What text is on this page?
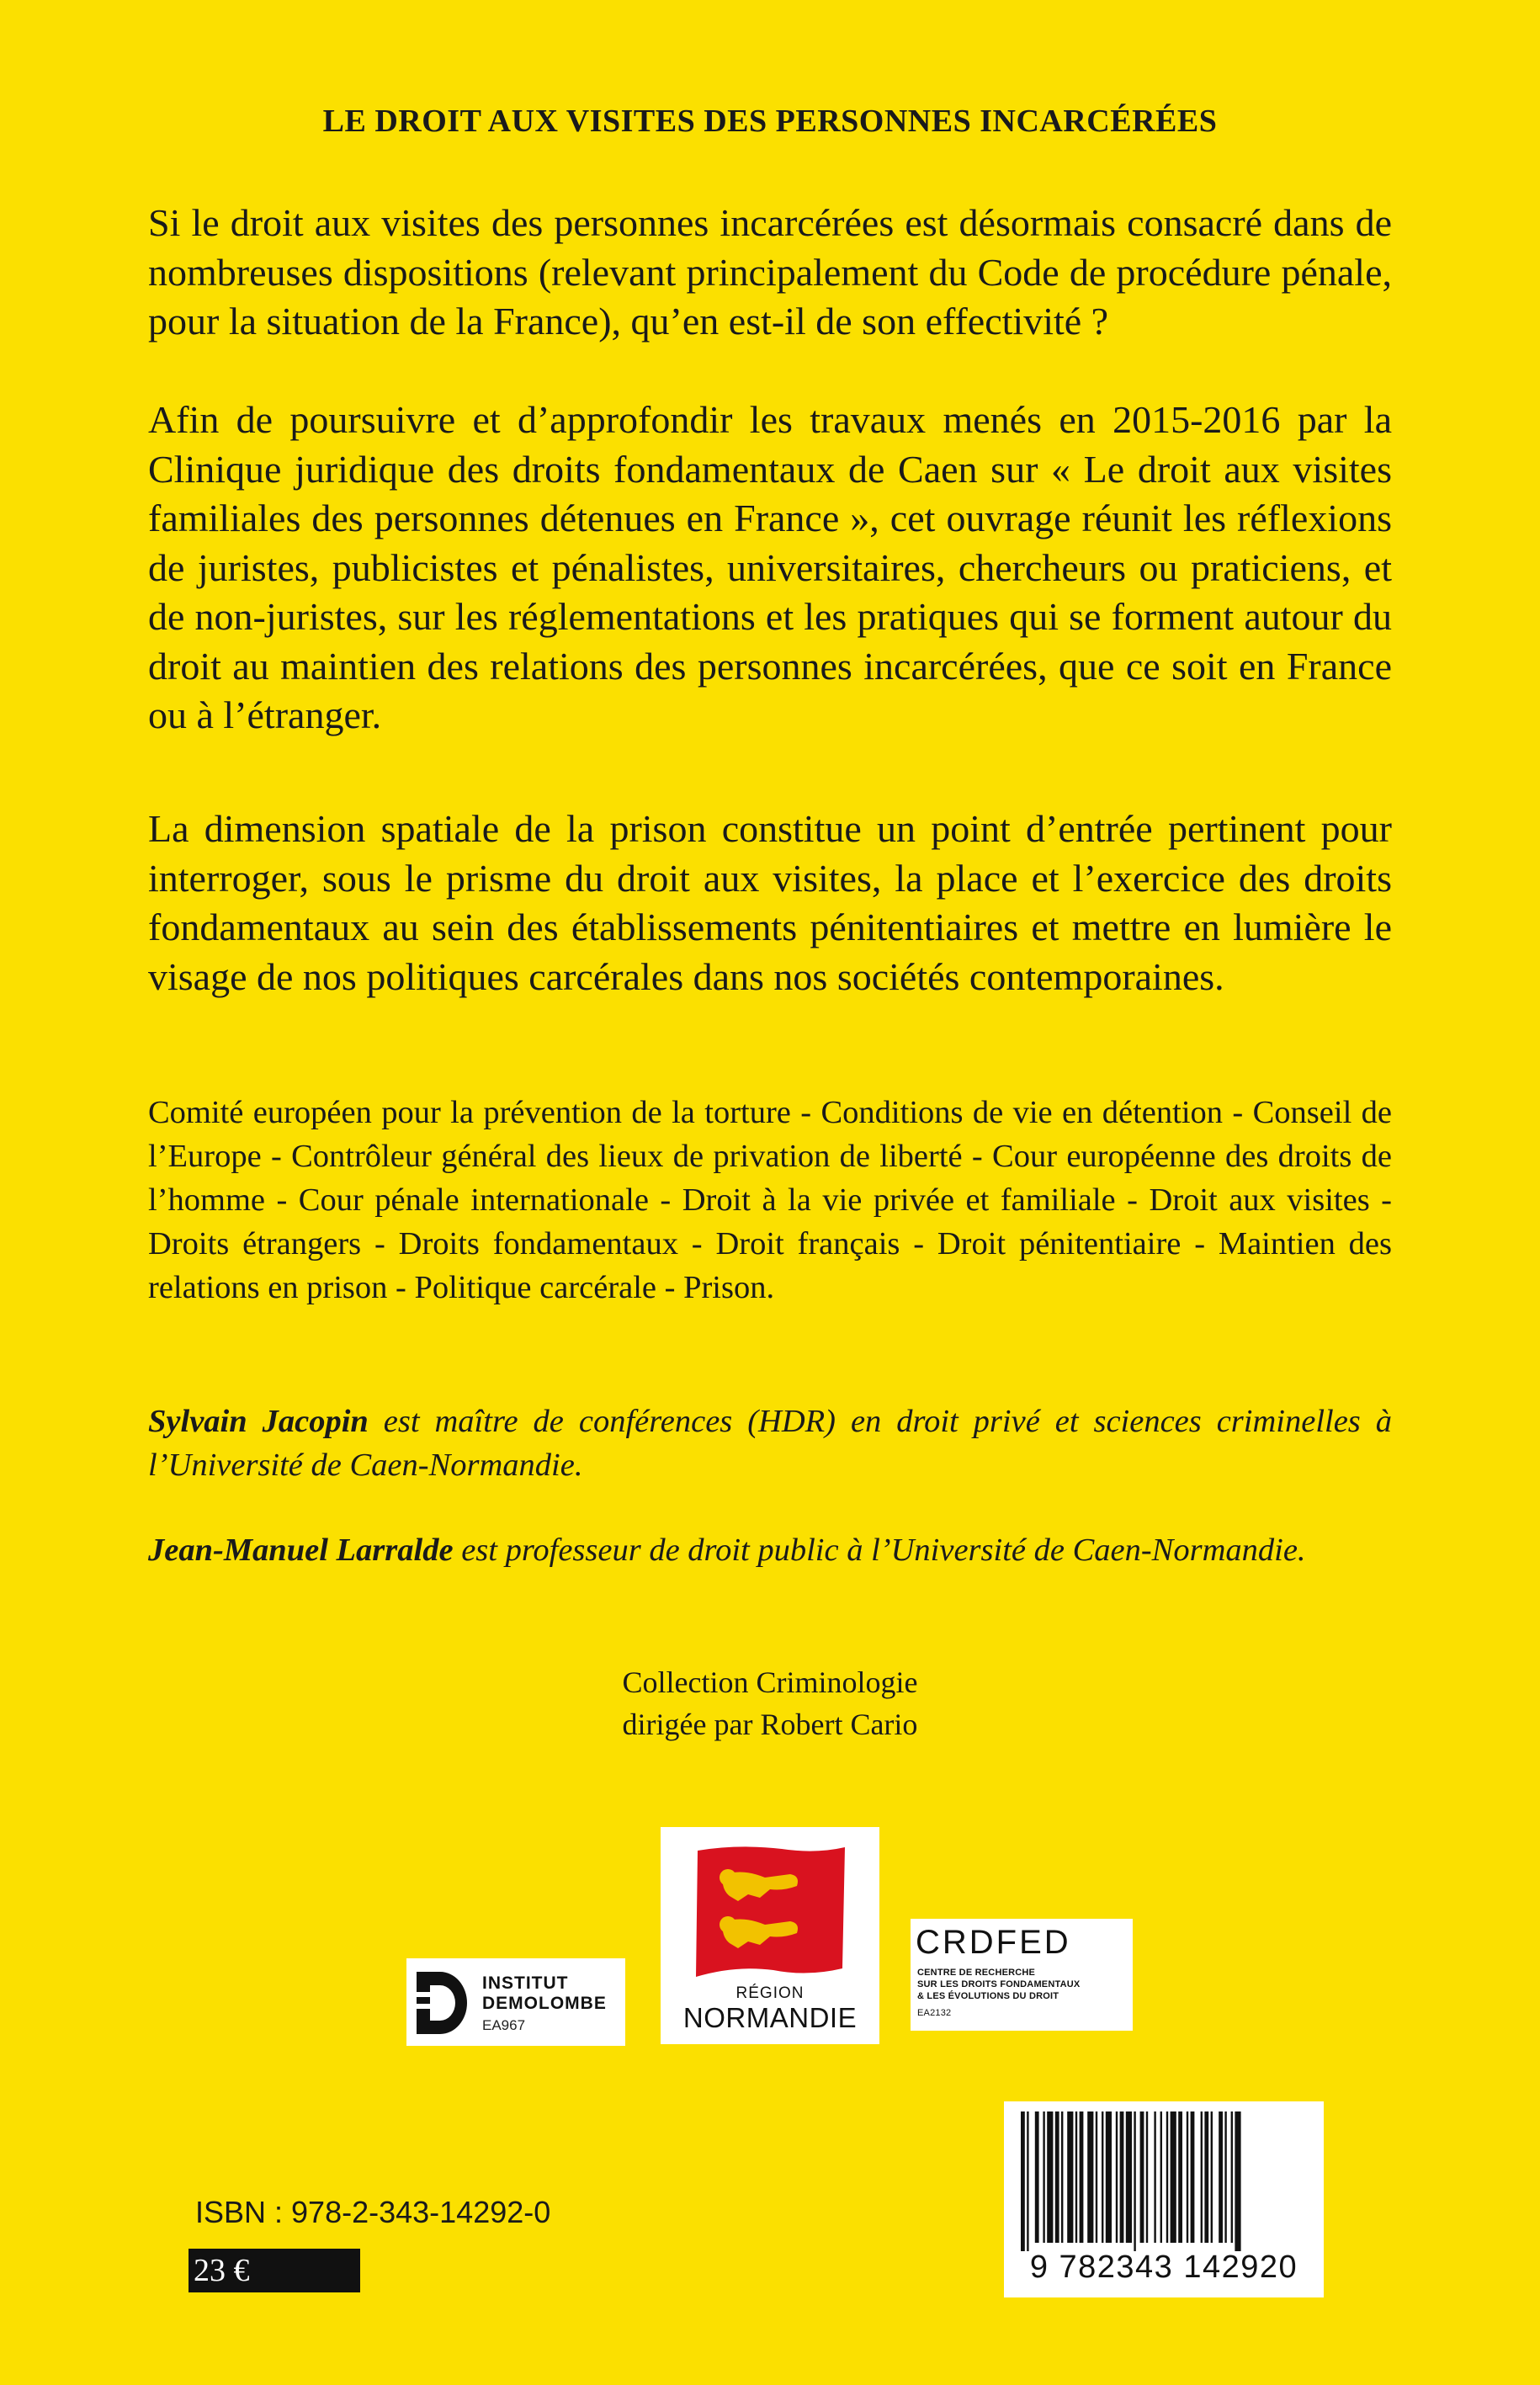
LE DROIT AUX VISITES DES PERSONNES INCARCÉRÉES

Si le droit aux visites des personnes incarcérées est désormais consacré dans de nombreuses dispositions (relevant principalement du Code de procédure pénale, pour la situation de la France), qu’en est-il de son effectivité ?

Afin de poursuivre et d’approfondir les travaux menés en 2015-2016 par la Clinique juridique des droits fondamentaux de Caen sur « Le droit aux visites familiales des personnes détenues en France », cet ouvrage réunit les réflexions de juristes, publicistes et pénalistes, universitaires, chercheurs ou praticiens, et de non-juristes, sur les réglementations et les pratiques qui se forment autour du droit au maintien des relations des personnes incarcérées, que ce soit en France ou à l’étranger.

La dimension spatiale de la prison constitue un point d’entrée pertinent pour interroger, sous le prisme du droit aux visites, la place et l’exercice des droits fondamentaux au sein des établissements pénitentiaires et mettre en lumière le visage de nos politiques carcérales dans nos sociétés contemporaines.

Comité européen pour la prévention de la torture - Conditions de vie en détention - Conseil de l’Europe - Contrôleur général des lieux de privation de liberté - Cour européenne des droits de l’homme - Cour pénale internationale - Droit à la vie privée et familiale - Droit aux visites - Droits étrangers - Droits fondamentaux - Droit français - Droit pénitentiaire - Maintien des relations en prison - Politique carcérale - Prison.

Sylvain Jacopin est maître de conférences (HDR) en droit privé et sciences criminelles à l’Université de Caen-Normandie.

Jean-Manuel Larralde est professeur de droit public à l’Université de Caen-Normandie.

Collection Criminologie
dirigée par Robert Cario
INSTITUT
DEMOLOMBE
EA967
RÉGION
NORMANDIE
CRDFED
CENTRE DE RECHERCHE
SUR LES DROITS FONDAMENTAUX
& LES ÉVOLUTIONS DU DROIT
EA2132
9 782343 142920
ISBN : 978-2-343-14292-0
23 €
